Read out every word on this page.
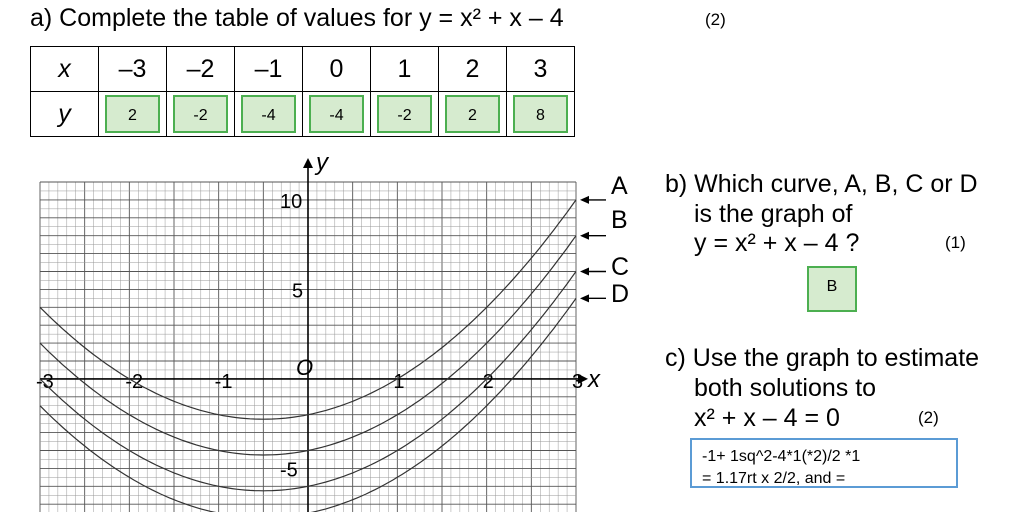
a) Complete the table of values for y = x² + x – 4	(2)
x	–3	–2	–1	0	1	2	3
y	2	-2	-4	-4	-2	2	8
-3	-2	-1	1	2	3
10
5
-5
O	x
y
A
B
C
D
b) Which curve, A, B, C or D
is the graph of
y = x² + x – 4 ?	(1)
B
c) Use the graph to estimate
both solutions to
x² + x – 4 = 0	(2)
-1+ 1sq^2-4*1(*2)/2 *1
= 1.17rt x 2/2, and =
